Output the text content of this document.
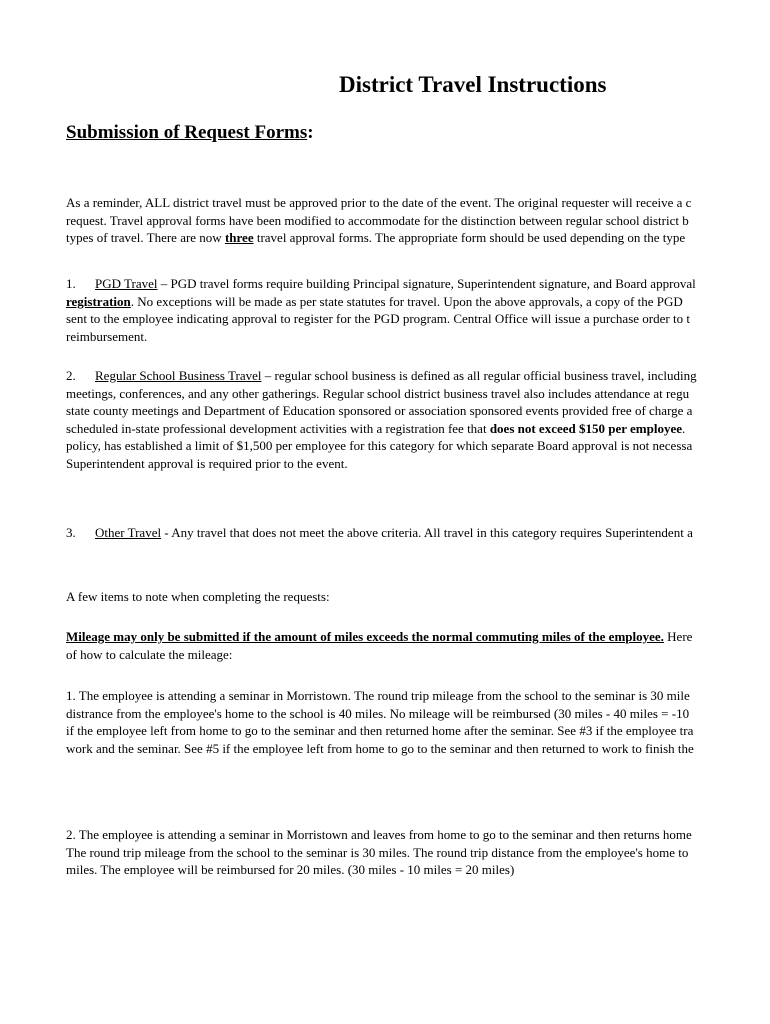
District Travel Instructions
Submission of Request Forms:
As a reminder, ALL district travel must be approved prior to the date of the event. The original requester will receive a c
request. Travel approval forms have been modified to accommodate for the distinction between regular school district b
types of travel. There are now three travel approval forms. The appropriate form should be used depending on the type
1. PGD Travel – PGD travel forms require building Principal signature, Superintendent signature, and Board approval
registration. No exceptions will be made as per state statutes for travel. Upon the above approvals, a copy of the PGD
sent to the employee indicating approval to register for the PGD program. Central Office will issue a purchase order to t
reimbursement.
2. Regular School Business Travel – regular school business is defined as all regular official business travel, including
meetings, conferences, and any other gatherings. Regular school district business travel also includes attendance at regu
state county meetings and Department of Education sponsored or association sponsored events provided free of charge a
scheduled in-state professional development activities with a registration fee that does not exceed $150 per employee.
policy, has established a limit of $1,500 per employee for this category for which separate Board approval is not necessa
Superintendent approval is required prior to the event.
3. Other Travel - Any travel that does not meet the above criteria. All travel in this category requires Superintendent a
A few items to note when completing the requests:
Mileage may only be submitted if the amount of miles exceeds the normal commuting miles of the employee. Here
of how to calculate the mileage:
1. The employee is attending a seminar in Morristown. The round trip mileage from the school to the seminar is 30 mile
distrance from the employee's home to the school is 40 miles. No mileage will be reimbursed (30 miles - 40 miles = -10
if the employee left from home to go to the seminar and then returned home after the seminar. See #3 if the employee tra
work and the seminar. See #5 if the employee left from home to go to the seminar and then returned to work to finish the
2. The employee is attending a seminar in Morristown and leaves from home to go to the seminar and then returns home
The round trip mileage from the school to the seminar is 30 miles. The round trip distance from the employee's home to
miles. The employee will be reimbursed for 20 miles. (30 miles - 10 miles = 20 miles)
